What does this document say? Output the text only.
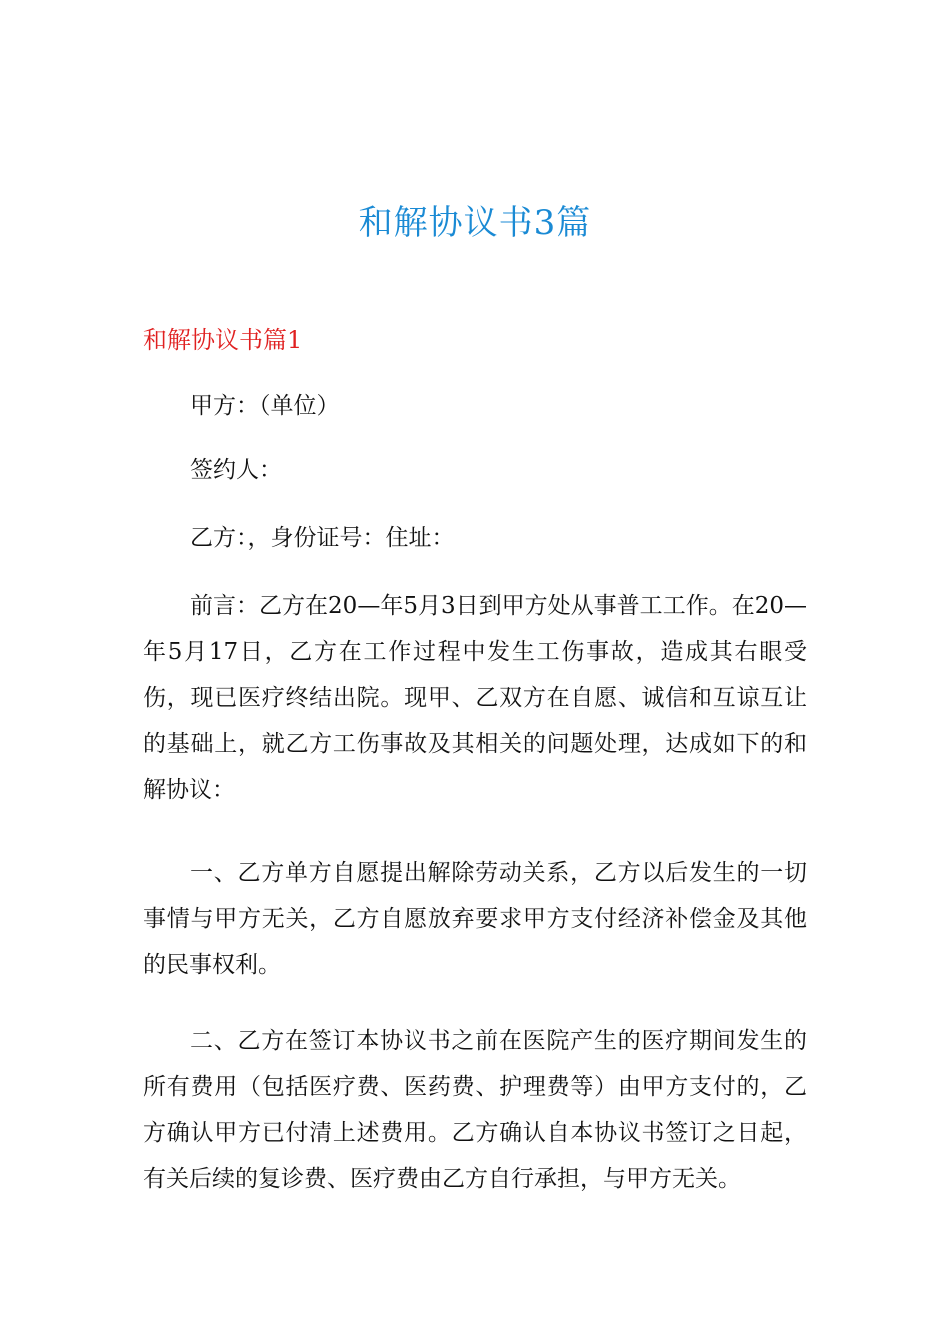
和解协议书3篇
和解协议书篇1

甲方：（单位）

签约人：

乙方：，身份证号：住址：

前言：乙方在20—年5月3日到甲方处从事普工工作。在20—年5月17日，乙方在工作过程中发生工伤事故，造成其右眼受伤，现已医疗终结出院。现甲、乙双方在自愿、诚信和互谅互让的基础上，就乙方工伤事故及其相关的问题处理，达成如下的和解协议：

一、乙方单方自愿提出解除劳动关系，乙方以后发生的一切事情与甲方无关，乙方自愿放弃要求甲方支付经济补偿金及其他的民事权利。

二、乙方在签订本协议书之前在医院产生的医疗期间发生的所有费用（包括医疗费、医药费、护理费等）由甲方支付的，乙方确认甲方已付清上述费用。乙方确认自本协议书签订之日起，有关后续的复诊费、医疗费由乙方自行承担，与甲方无关。
